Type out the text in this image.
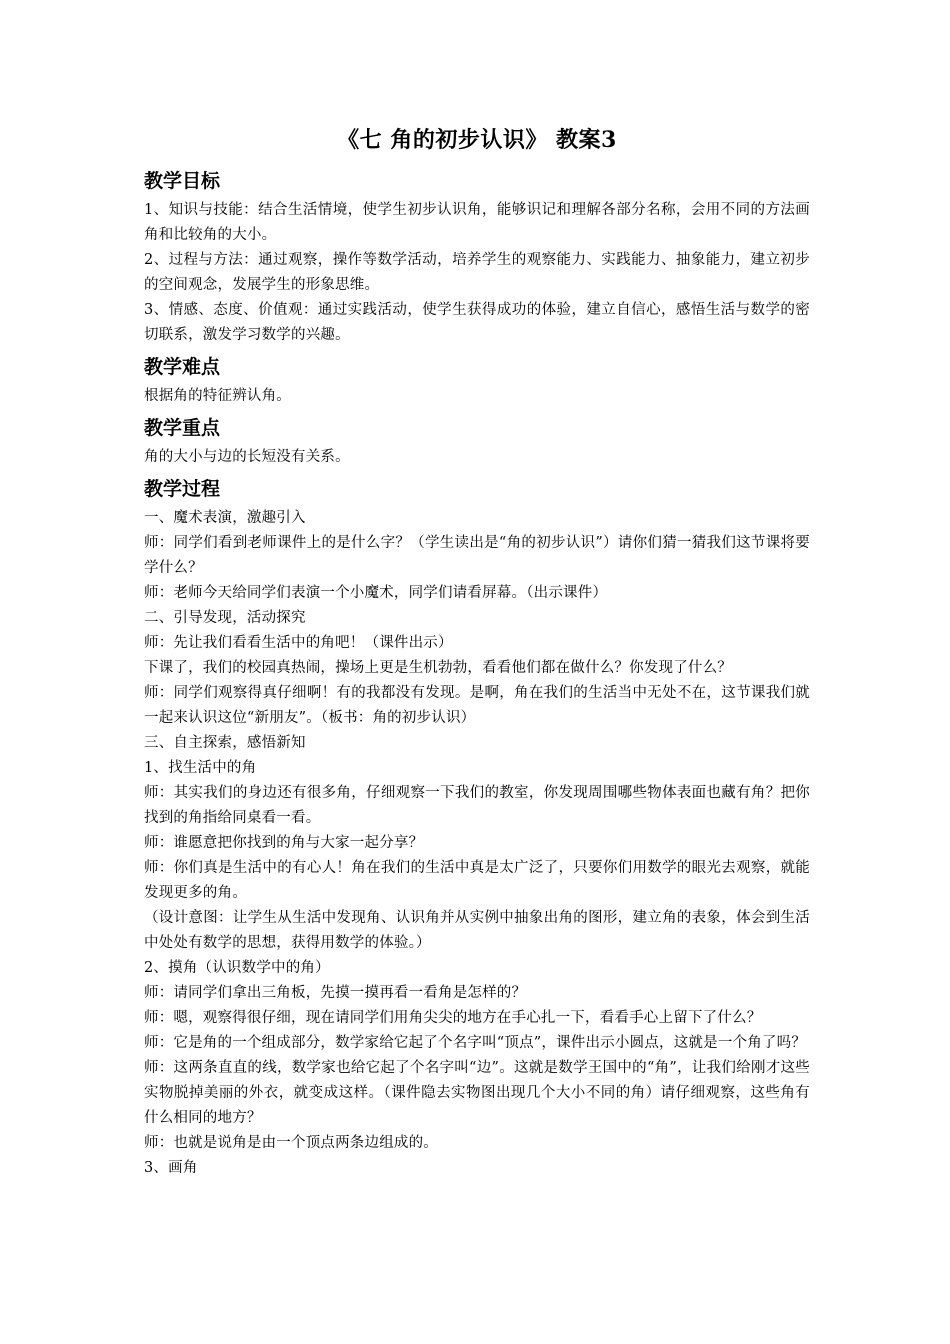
《七 角的初步认识》 教案3
教学目标

1、知识与技能：结合生活情境，使学生初步认识角，能够识记和理解各部分名称，会用不同的方法画角和比较角的大小。

2、过程与方法：通过观察，操作等数学活动，培养学生的观察能力、实践能力、抽象能力，建立初步的空间观念，发展学生的形象思维。

3、情感、态度、价值观：通过实践活动，使学生获得成功的体验，建立自信心，感悟生活与数学的密切联系，激发学习数学的兴趣。

教学难点

根据角的特征辨认角。

教学重点

角的大小与边的长短没有关系。

教学过程

一、魔术表演，激趣引入

师：同学们看到老师课件上的是什么字？（学生读出是“角的初步认识”）请你们猜一猜我们这节课将要学什么？

师：老师今天给同学们表演一个小魔术，同学们请看屏幕。（出示课件）

二、引导发现，活动探究

师：先让我们看看生活中的角吧！（课件出示）

下课了，我们的校园真热闹，操场上更是生机勃勃，看看他们都在做什么？你发现了什么？

师：同学们观察得真仔细啊！有的我都没有发现。是啊，角在我们的生活当中无处不在，这节课我们就一起来认识这位“新朋友”。（板书：角的初步认识）

三、自主探索，感悟新知

1、找生活中的角

师：其实我们的身边还有很多角，仔细观察一下我们的教室，你发现周围哪些物体表面也藏有角？把你找到的角指给同桌看一看。

师：谁愿意把你找到的角与大家一起分享？

师：你们真是生活中的有心人！角在我们的生活中真是太广泛了，只要你们用数学的眼光去观察，就能发现更多的角。

（设计意图：让学生从生活中发现角、认识角并从实例中抽象出角的图形，建立角的表象，体会到生活中处处有数学的思想，获得用数学的体验。）

2、摸角（认识数学中的角）

师：请同学们拿出三角板，先摸一摸再看一看角是怎样的？

师：嗯，观察得很仔细，现在请同学们用角尖尖的地方在手心扎一下，看看手心上留下了什么？

师：它是角的一个组成部分，数学家给它起了个名字叫“顶点”，课件出示小圆点，这就是一个角了吗？

师：这两条直直的线，数学家也给它起了个名字叫“边”。这就是数学王国中的“角”，让我们给刚才这些实物脱掉美丽的外衣，就变成这样。（课件隐去实物图出现几个大小不同的角）请仔细观察，这些角有什么相同的地方？

师：也就是说角是由一个顶点两条边组成的。

3、画角
